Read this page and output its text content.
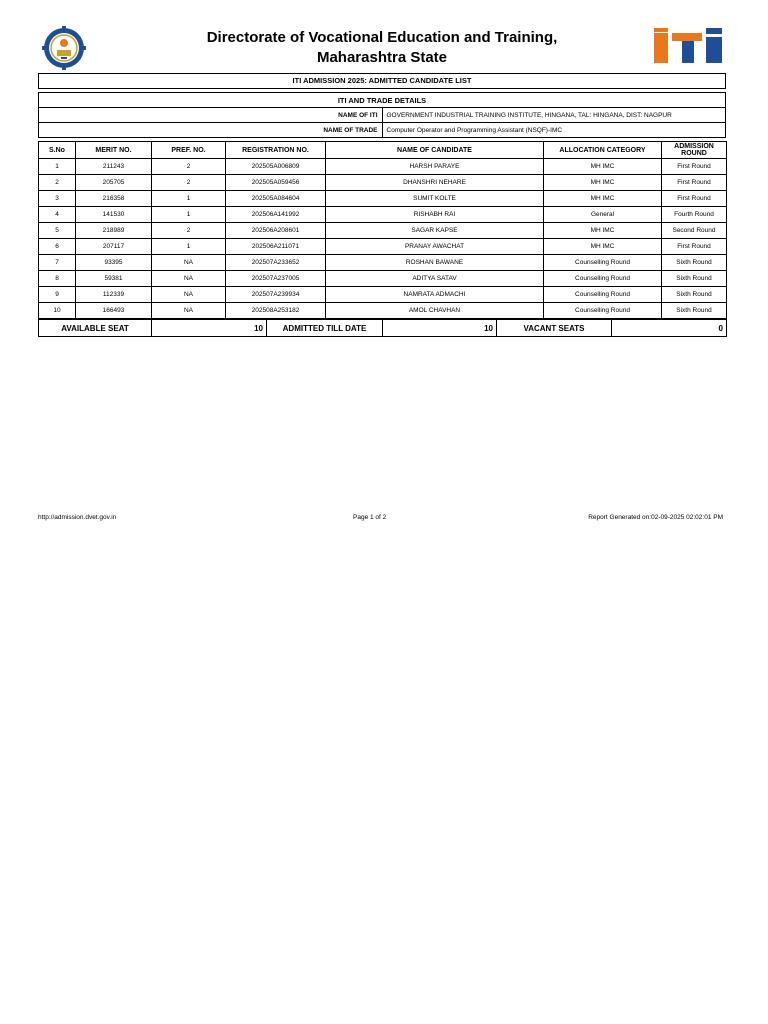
Directorate of Vocational Education and Training,
Maharashtra State
ITI ADMISSION 2025: ADMITTED CANDIDATE LIST
ITI AND TRADE DETAILS	
NAME OF ITI	GOVERNMENT INDUSTRIAL TRAINING INSTITUTE, HINGANA, TAL: HINGANA, DIST: NAGPUR
NAME OF TRADE	Computer Operator and Programming Assistant (NSQF)-IMC
S.No	MERIT NO.	PREF. NO.	REGISTRATION NO.	NAME OF CANDIDATE	ALLOCATION CATEGORY	ADMISSION ROUND
1	211243	2	202505A006809	HARSH PARAYE	MH IMC	First Round
2	205705	2	202505A059456	DHANSHRI NEHARE	MH IMC	First Round
3	216358	1	202505A084604	SUMIT KOLTE	MH IMC	First Round
4	141530	1	202506A141992	RISHABH RAI	General	Fourth Round
5	218989	2	202506A208601	SAGAR KAPSE	MH IMC	Second Round
6	207117	1	202506A211071	PRANAY AWACHAT	MH IMC	First Round
7	93395	NA	202507A233652	ROSHAN BAWANE	Counselling Round	Sixth Round
8	59381	NA	202507A237005	ADITYA SATAV	Counselling Round	Sixth Round
9	112339	NA	202507A239934	NAMRATA ADMACHI	Counselling Round	Sixth Round
10	166493	NA	202508A253182	AMOL CHAVHAN	Counselling Round	Sixth Round
AVAILABLE SEAT	10	ADMITTED TILL DATE	10	VACANT SEATS	0
http://admission.dvet.gov.in	Page 1 of 2	Report Generated on:02-09-2025 02:02:01 PM
